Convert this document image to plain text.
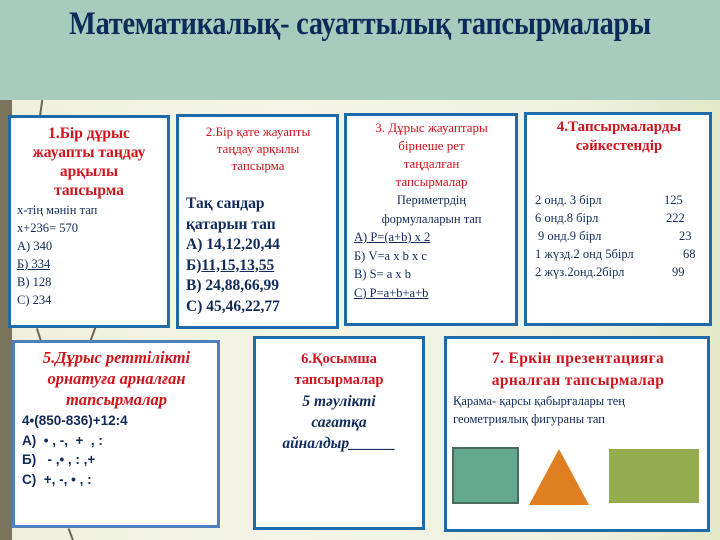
Математикалық- сауаттылық тапсырмалары
1.Бір дұрыс
жауапты таңдау
арқылы
тапсырма
х-тің мәнін тап
х+236= 570
А) 340
Б) 334
В) 128
С) 234
2.Бір қате жауапты
таңдау арқылы
тапсырма
Тақ сандар
қатарын тап
А) 14,12,20,44
Б)11,15,13,55
В) 24,88,66,99
С) 45,46,22,77
3. Дұрыс жауаптары
бірнеше рет
таңдалған
тапсырмалар
Периметрдің
формулаларын тап
А) Р=(a+b) х 2
Б) V=a x b x c
В) S= a x b
С) Р=a+b+a+b
4.Тапсырмаларды
сәйкестендір
2 онд. 3 бірл	125
6 онд.8 бірл	222
9 онд.9 бірл	23
1 жүзд.2 онд 5бірл	68
2 жүз.2онд.2бірл	99
5.Дұрыс реттілікті
орнатуға арналған
тапсырмалар
4•(850-836)+12:4
А)  • , -,  +  , :
Б)   - ,• , : ,+
С)  +, -, • , :
6.Қосымша
тапсырмалар
5 тәулікті
сағатқа
айналдыр______
7. Еркін презентацияға
арналған тапсырмалар
Қарама- қарсы қабырғалары тең
геометриялық фигураны тап
